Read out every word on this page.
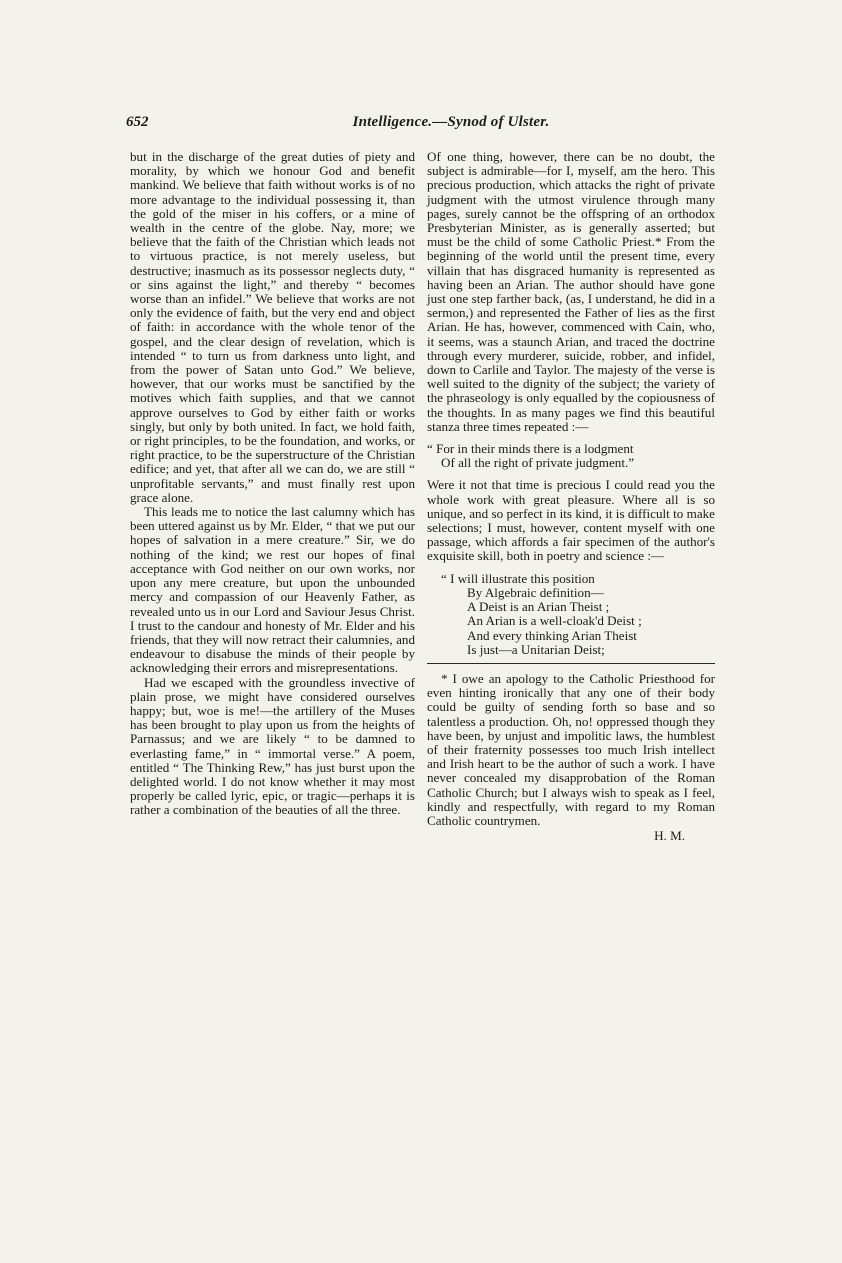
652	Intelligence.—Synod of Ulster.

but in the discharge of the great duties of piety and morality, by which we honour God and benefit mankind. We believe that faith without works is of no more advantage to the individual possessing it, than the gold of the miser in his coffers, or a mine of wealth in the centre of the globe. Nay, more; we believe that the faith of the Christian which leads not to virtuous practice, is not merely useless, but destructive; inasmuch as its possessor neglects duty, “ or sins against the light,” and thereby “ becomes worse than an infidel.” We believe that works are not only the evidence of faith, but the very end and object of faith: in accordance with the whole tenor of the gospel, and the clear design of revelation, which is intended “ to turn us from darkness unto light, and from the power of Satan unto God.” We believe, however, that our works must be sanctified by the motives which faith supplies, and that we cannot approve ourselves to God by either faith or works singly, but only by both united. In fact, we hold faith, or right principles, to be the foundation, and works, or right practice, to be the superstructure of the Christian edifice; and yet, that after all we can do, we are still “ unprofitable servants,” and must finally rest upon grace alone.

This leads me to notice the last calumny which has been uttered against us by Mr. Elder, “ that we put our hopes of salvation in a mere creature.” Sir, we do nothing of the kind; we rest our hopes of final acceptance with God neither on our own works, nor upon any mere creature, but upon the unbounded mercy and compassion of our Heavenly Father, as revealed unto us in our Lord and Saviour Jesus Christ. I trust to the candour and honesty of Mr. Elder and his friends, that they will now retract their calumnies, and endeavour to disabuse the minds of their people by acknowledging their errors and misrepresentations.

Had we escaped with the groundless invective of plain prose, we might have considered ourselves happy; but, woe is me!—the artillery of the Muses has been brought to play upon us from the heights of Parnassus; and we are likely “ to be damned to everlasting fame,” in “ immortal verse.” A poem, entitled “ The Thinking Rew,” has just burst upon the delighted world. I do not know whether it may most properly be called lyric, epic, or tragic—perhaps it is rather a combination of the beauties of all the three.

Of one thing, however, there can be no doubt, the subject is admirable—for I, myself, am the hero. This precious production, which attacks the right of private judgment with the utmost virulence through many pages, surely cannot be the offspring of an orthodox Presbyterian Minister, as is generally asserted; but must be the child of some Catholic Priest.* From the beginning of the world until the present time, every villain that has disgraced humanity is represented as having been an Arian. The author should have gone just one step farther back, (as, I understand, he did in a sermon,) and represented the Father of lies as the first Arian. He has, however, commenced with Cain, who, it seems, was a staunch Arian, and traced the doctrine through every murderer, suicide, robber, and infidel, down to Carlile and Taylor. The majesty of the verse is well suited to the dignity of the subject; the variety of the phraseology is only equalled by the copiousness of the thoughts. In as many pages we find this beautiful stanza three times repeated :—

“ For in their minds there is a lodgment

Of all the right of private judgment.”

Were it not that time is precious I could read you the whole work with great pleasure. Where all is so unique, and so perfect in its kind, it is difficult to make selections; I must, however, content myself with one passage, which affords a fair specimen of the author's exquisite skill, both in poetry and science :—

“ I will illustrate this position

By Algebraic definition—

A Deist is an Arian Theist ;

An Arian is a well-cloak'd Deist ;

And every thinking Arian Theist

Is just—a Unitarian Deist;

* I owe an apology to the Catholic Priesthood for even hinting ironically that any one of their body could be guilty of sending forth so base and so talentless a production. Oh, no! oppressed though they have been, by unjust and impolitic laws, the humblest of their fraternity possesses too much Irish intellect and Irish heart to be the author of such a work. I have never concealed my disapprobation of the Roman Catholic Church; but I always wish to speak as I feel, kindly and respectfully, with regard to my Roman Catholic countrymen.

H. M.
